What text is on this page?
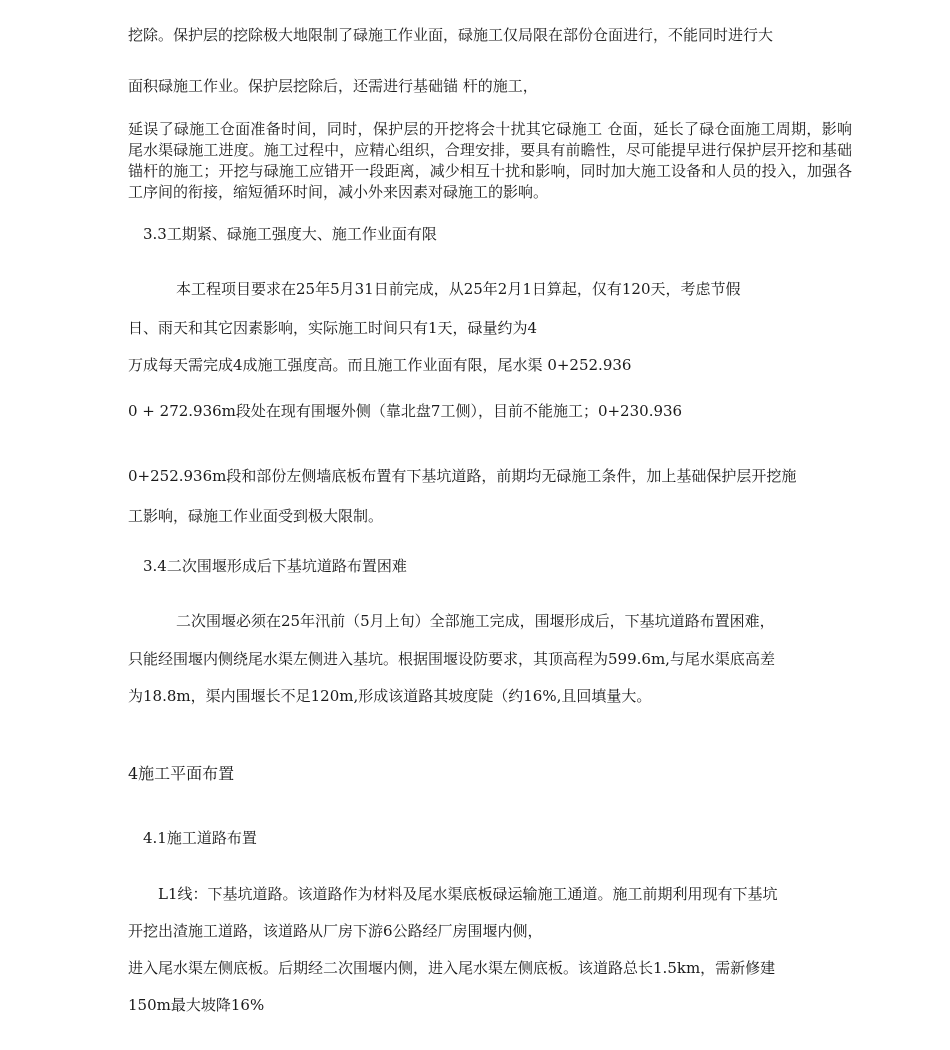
挖除。保护层的挖除极大地限制了碌施工作业面，碌施工仅局限在部份仓面进行，不能同时进行大
面积碌施工作业。保护层挖除后，还需进行基础锚 杆的施工，
延误了碌施工仓面准备时间，同时，保护层的开挖将会十扰其它碌施工 仓面，延长了碌仓面施工周期，影响尾水渠碌施工进度。施工过程中，应精心组织，合理安排，要具有前瞻性，尽可能提早进行保护层开挖和基础锚杆的施工；开挖与碌施工应错开一段距离，减少相互十扰和影响，同时加大施工设备和人员的投入，加强各工序间的衔接，缩短循环时间，减小外来因素对碌施工的影响。
3.3工期紧、碌施工强度大、施工作业面有限
本工程项目要求在25年5月31日前完成，从25年2月1日算起，仅有120天，考虑节假
日、雨天和其它因素影响，实际施工时间只有1天，碌量约为4
万成每天需完成4成施工强度高。而且施工作业面有限，尾水渠 0+252.936
0 + 272.936m段处在现有围堰外侧（靠北盘7工侧），目前不能施工；0+230.936
0+252.936m段和部份左侧墙底板布置有下基坑道路，前期均无碌施工条件，加上基础保护层开挖施
工影响，碌施工作业面受到极大限制。
3.4二次围堰形成后下基坑道路布置困难
二次围堰必须在25年汛前（5月上旬）全部施工完成，围堰形成后，下基坑道路布置困难，
只能经围堰内侧绕尾水渠左侧进入基坑。根据围堰设防要求，其顶高程为599.6m,与尾水渠底高差
为18.8m，渠内围堰长不足120m,形成该道路其坡度陡（约16%,且回填量大。
4施工平面布置
4.1施工道路布置
L1线：下基坑道路。该道路作为材料及尾水渠底板碌运输施工通道。施工前期利用现有下基坑
开挖出渣施工道路，该道路从厂房下游6公路经厂房围堰内侧，
进入尾水渠左侧底板。后期经二次围堰内侧，进入尾水渠左侧底板。该道路总长1.5km，需新修建
150m最大坡降16%
